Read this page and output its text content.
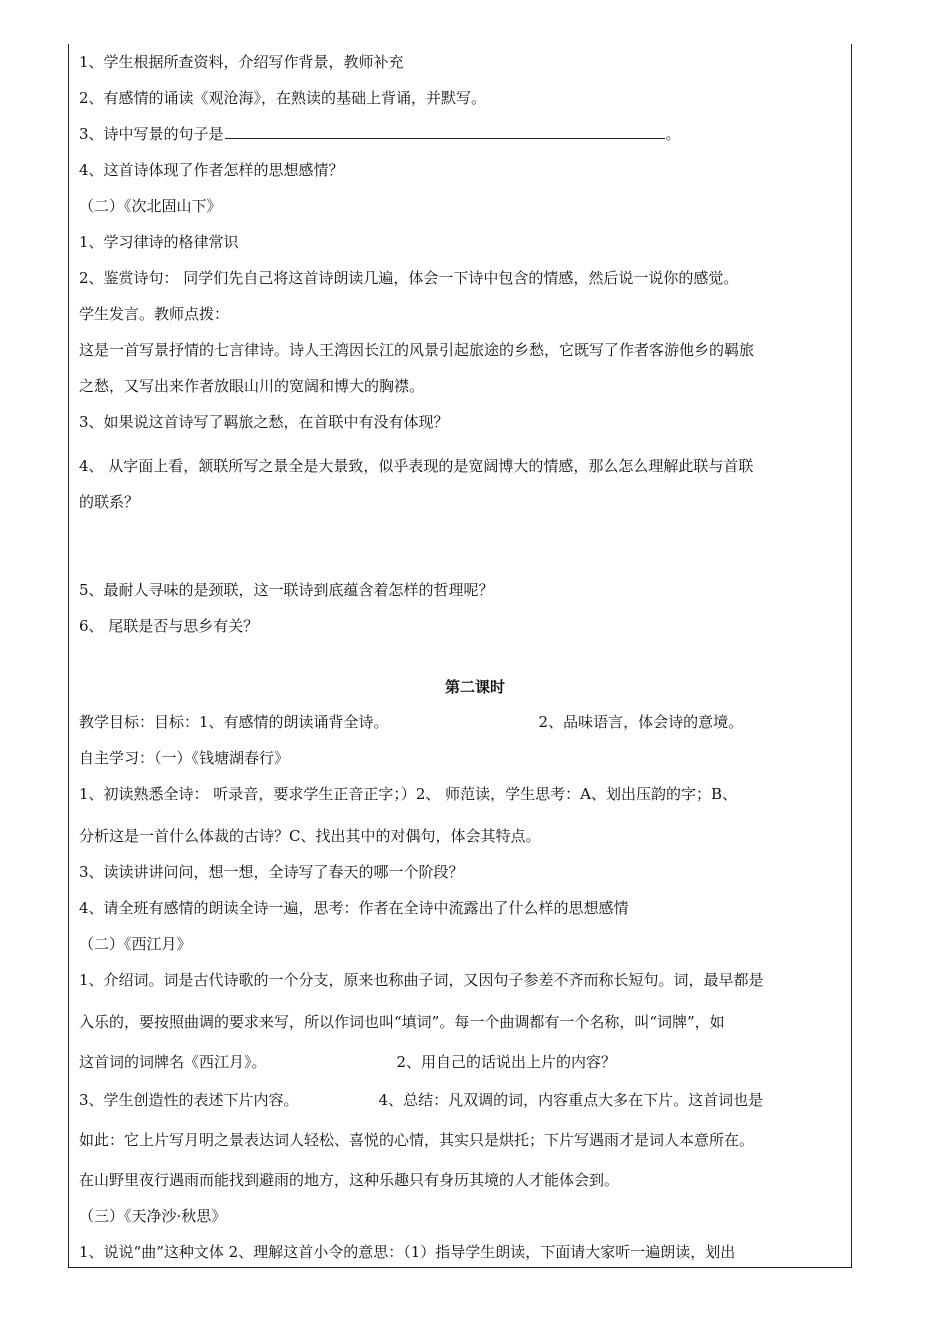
1、学生根据所查资料，介绍写作背景，教师补充
2、有感情的诵读《观沧海》，在熟读的基础上背诵，并默写。
3、诗中写景的句子是	。
4、这首诗体现了作者怎样的思想感情？
（二）《次北固山下》
1、学习律诗的格律常识
2、鉴赏诗句： 同学们先自己将这首诗朗读几遍，体会一下诗中包含的情感，然后说一说你的感觉。
学生发言。教师点拨：
这是一首写景抒情的七言律诗。诗人王湾因长江的风景引起旅途的乡愁，它既写了作者客游他乡的羁旅
之愁，又写出来作者放眼山川的宽阔和博大的胸襟。
3、如果说这首诗写了羁旅之愁，在首联中有没有体现？
4、 从字面上看，颔联所写之景全是大景致，似乎表现的是宽阔博大的情感，那么怎么理解此联与首联
的联系？
5、最耐人寻味的是颈联，这一联诗到底蕴含着怎样的哲理呢？
6、 尾联是否与思乡有关？
第二课时
教学目标：目标：1、有感情的朗读诵背全诗。	2、品味语言，体会诗的意境。
自主学习：（一）《钱塘湖春行》
1、初读熟悉全诗： 听录音，要求学生正音正字；）2、 师范读，学生思考：A、划出压韵的字；B、
分析这是一首什么体裁的古诗？C、找出其中的对偶句，体会其特点。
3、读读讲讲问问，想一想，全诗写了春天的哪一个阶段？
4、请全班有感情的朗读全诗一遍，思考：作者在全诗中流露出了什么样的思想感情
（二）《西江月》
1、介绍词。词是古代诗歌的一个分支，原来也称曲子词，又因句子参差不齐而称长短句。词，最早都是
入乐的，要按照曲调的要求来写，所以作词也叫“填词”。每一个曲调都有一个名称，叫“词牌”，如
这首词的词牌名《西江月》。	2、用自己的话说出上片的内容？
3、学生创造性的表述下片内容。	4、总结：凡双调的词，内容重点大多在下片。这首词也是
如此：它上片写月明之景表达词人轻松、喜悦的心情，其实只是烘托；下片写遇雨才是词人本意所在。
在山野里夜行遇雨而能找到避雨的地方，这种乐趣只有身历其境的人才能体会到。
（三）《天净沙·秋思》
1、说说“曲”这种文体 2、理解这首小令的意思：（1）指导学生朗读，下面请大家听一遍朗读，划出
